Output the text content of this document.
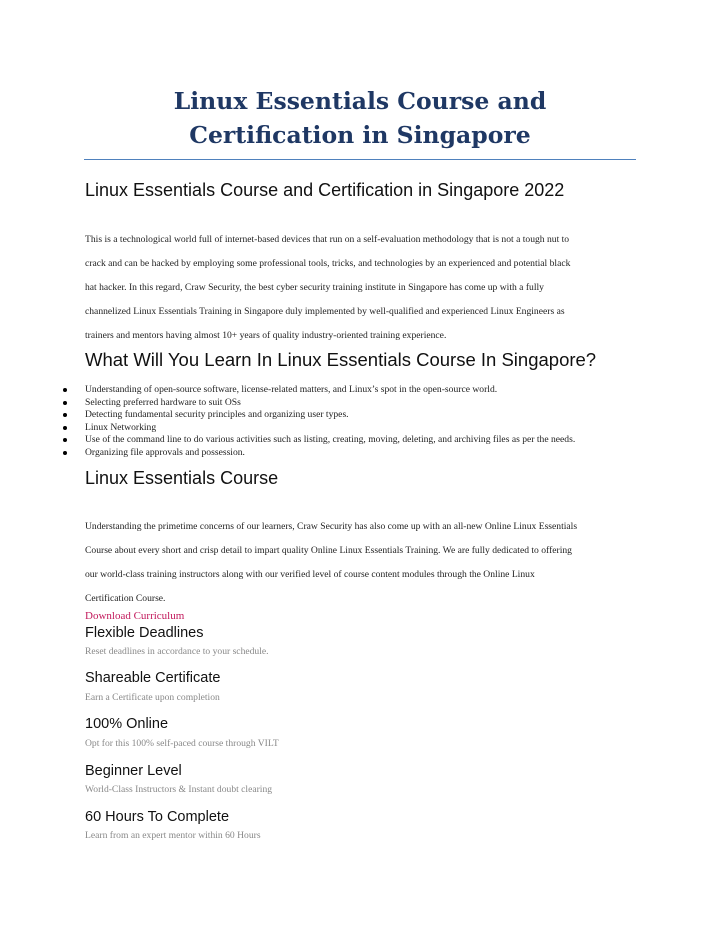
Linux Essentials Course and
Certification in Singapore
Linux Essentials Course and Certification in Singapore 2022
This is a technological world full of internet-based devices that run on a self-evaluation methodology that is not a tough nut to
crack and can be hacked by employing some professional tools, tricks, and technologies by an experienced and potential black
hat hacker. In this regard, Craw Security, the best cyber security training institute in Singapore has come up with a fully
channelized Linux Essentials Training in Singapore duly implemented by well-qualified and experienced Linux Engineers as
trainers and mentors having almost 10+ years of quality industry-oriented training experience.
What Will You Learn In Linux Essentials Course In Singapore?
Understanding of open-source software, license-related matters, and Linux’s spot in the open-source world.
Selecting preferred hardware to suit OSs
Detecting fundamental security principles and organizing user types.
Linux Networking
Use of the command line to do various activities such as listing, creating, moving, deleting, and archiving files as per the needs.
Organizing file approvals and possession.
Linux Essentials Course
Understanding the primetime concerns of our learners, Craw Security has also come up with an all-new Online Linux Essentials
Course about every short and crisp detail to impart quality Online Linux Essentials Training. We are fully dedicated to offering
our world-class training instructors along with our verified level of course content modules through the Online Linux
Certification Course.
Download Curriculum
Flexible Deadlines

Reset deadlines in accordance to your schedule.

Shareable Certificate

Earn a Certificate upon completion

100% Online

Opt for this 100% self-paced course through VILT

Beginner Level

World-Class Instructors & Instant doubt clearing

60 Hours To Complete

Learn from an expert mentor within 60 Hours
